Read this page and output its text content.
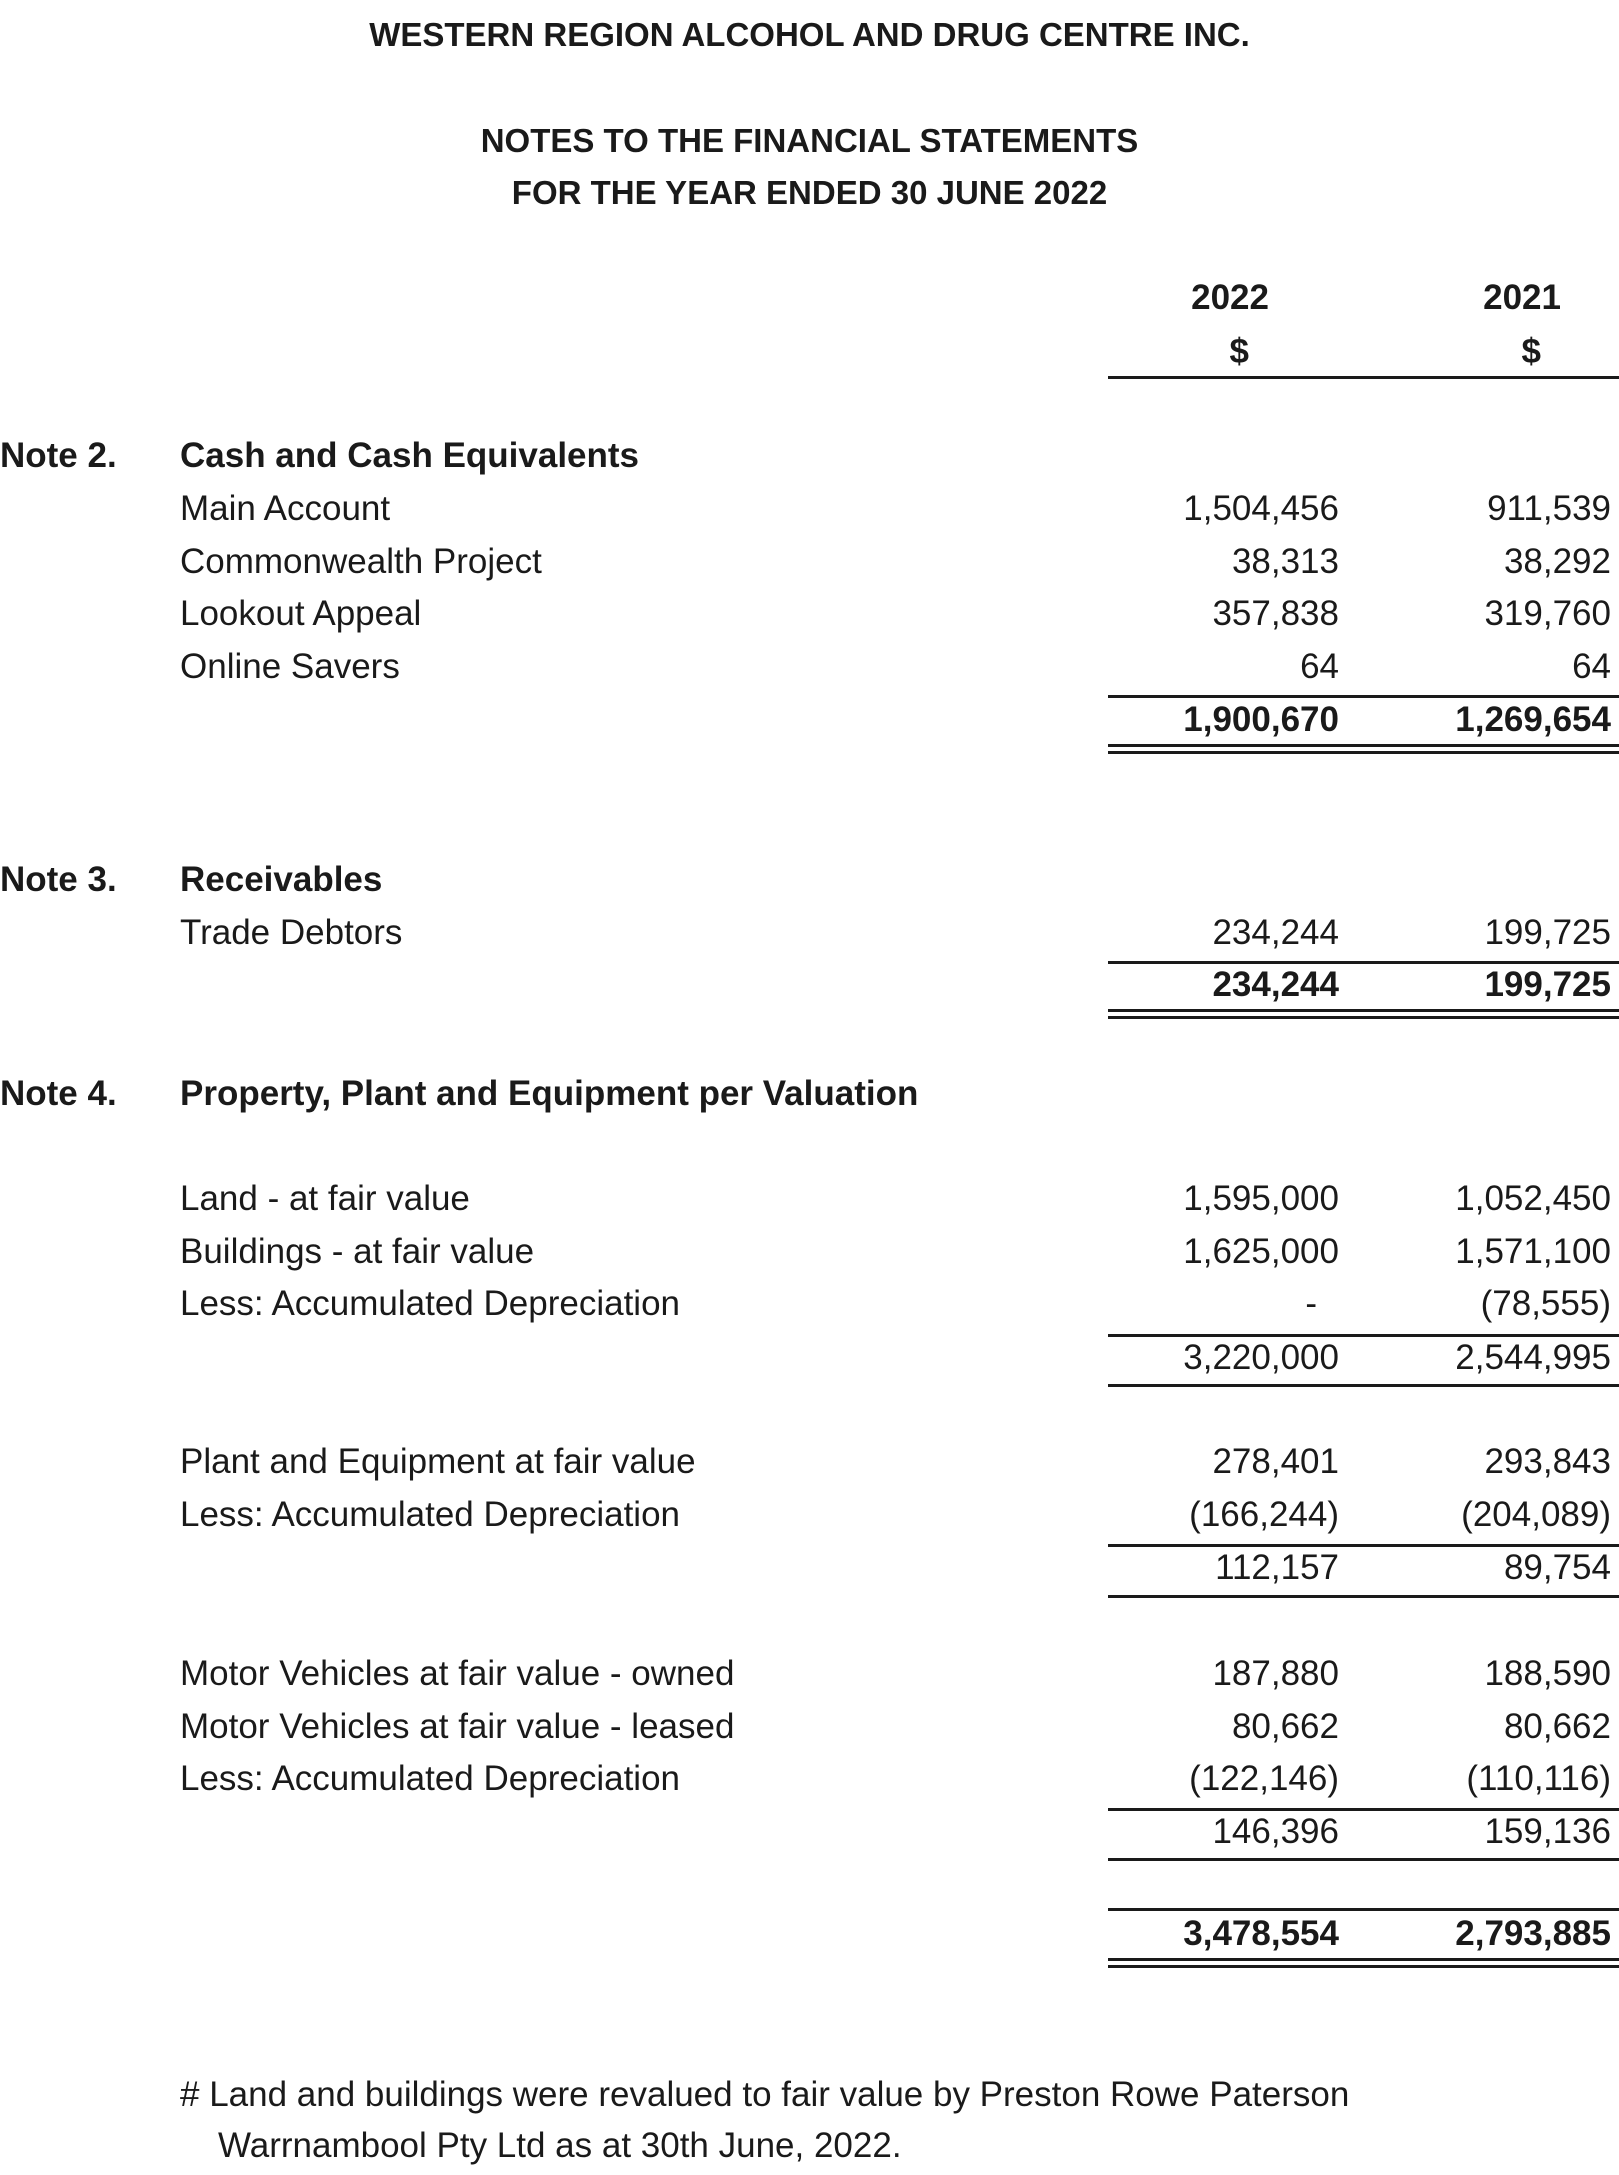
WESTERN REGION ALCOHOL AND DRUG CENTRE INC.
NOTES TO THE FINANCIAL STATEMENTS
FOR THE YEAR ENDED 30 JUNE 2022
2022	2021
$	$
Note 2. Cash and Cash Equivalents
Main Account	1,504,456	911,539
Commonwealth Project	38,313	38,292
Lookout Appeal	357,838	319,760
Online Savers	64	64
1,900,670	1,269,654
Note 3. Receivables
Trade Debtors	234,244	199,725
234,244	199,725
Note 4. Property, Plant and Equipment per Valuation
Land - at fair value	1,595,000	1,052,450
Buildings - at fair value	1,625,000	1,571,100
Less: Accumulated Depreciation	-	(78,555)
3,220,000	2,544,995
Plant and Equipment at fair value	278,401	293,843
Less: Accumulated Depreciation	(166,244)	(204,089)
112,157	89,754
Motor Vehicles at fair value - owned	187,880	188,590
Motor Vehicles at fair value - leased	80,662	80,662
Less: Accumulated Depreciation	(122,146)	(110,116)
146,396	159,136
3,478,554	2,793,885
# Land and buildings were revalued to fair value by Preston Rowe Paterson
Warrnambool Pty Ltd as at 30th June, 2022.
